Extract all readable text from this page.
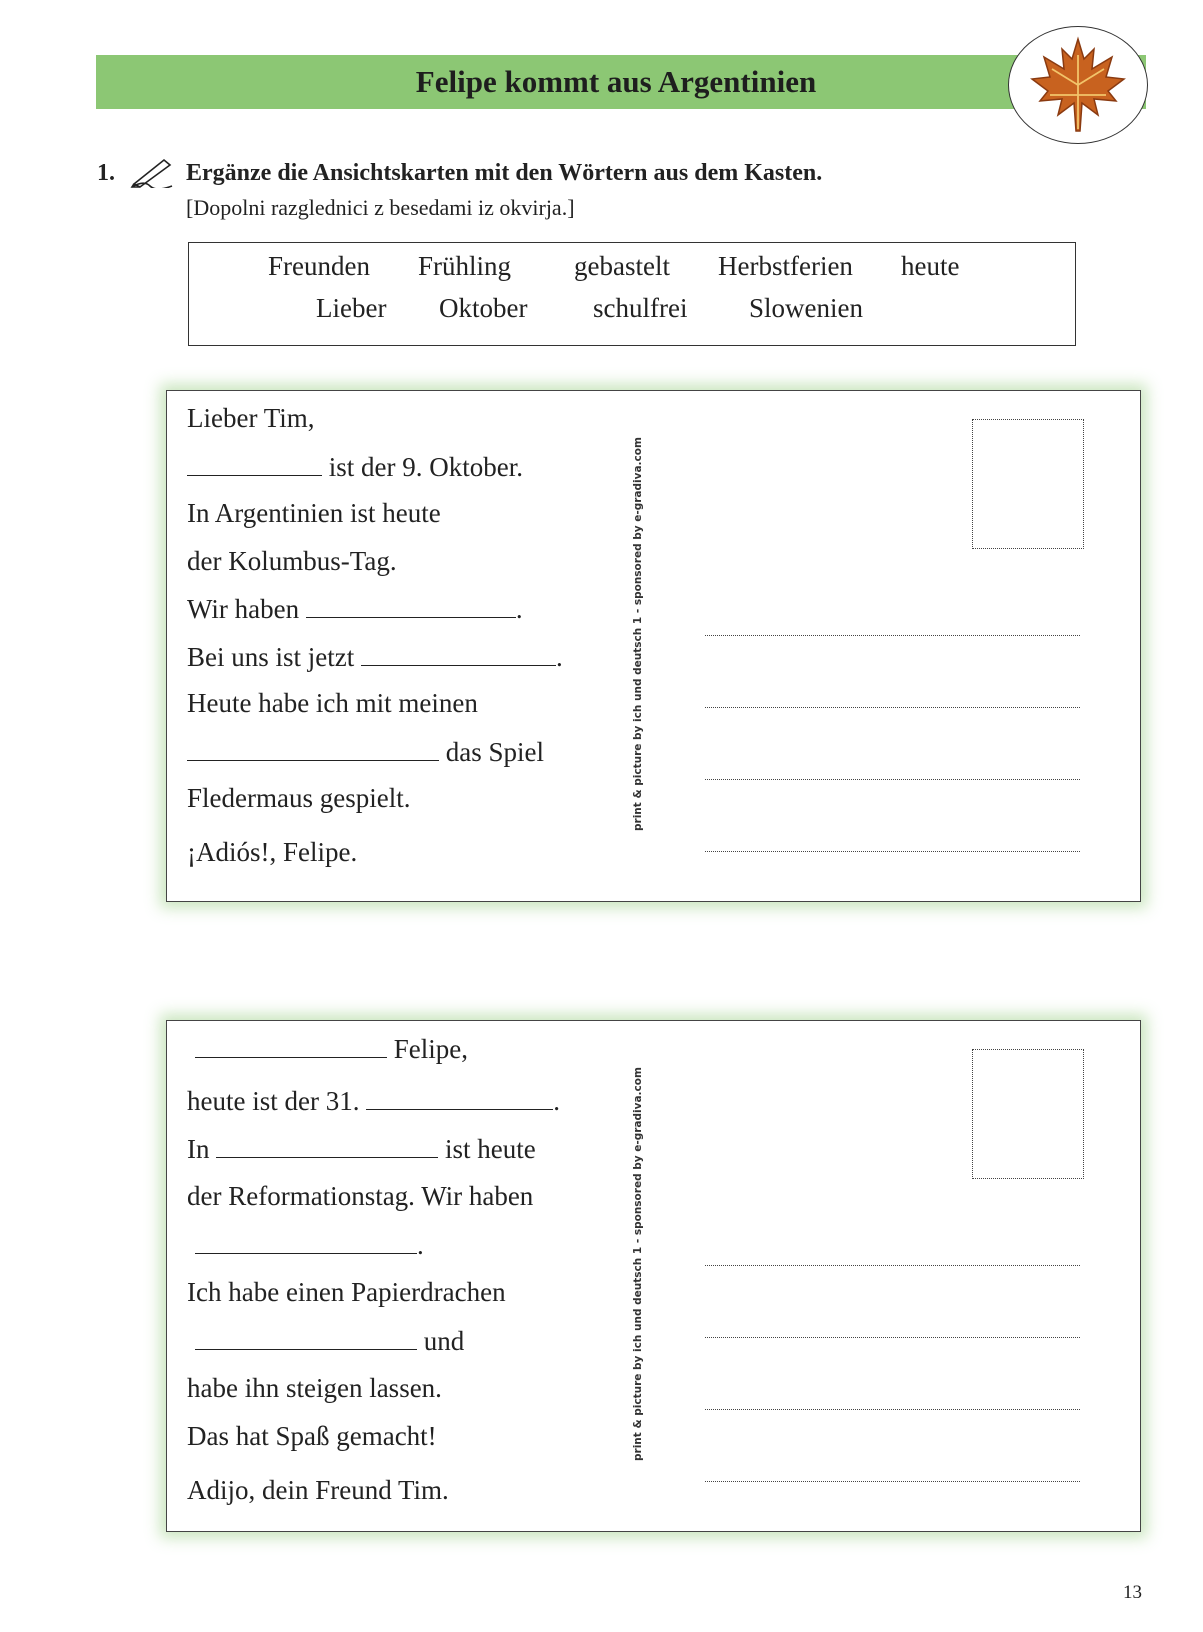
Felipe kommt aus Argentinien
1.	Ergänze die Ansichtskarten mit den Wörtern aus dem Kasten.
[Dopolni razglednici z besedami iz okvirja.]
Freunden Frühling gebastelt Herbstferien heute
Lieber Oktober schulfrei Slowenien
Lieber Tim,
ist der 9. Oktober.
In Argentinien ist heute
der Kolumbus-Tag.
Wir haben	.
Bei uns ist jetzt	.
Heute habe ich mit meinen
das Spiel
Fledermaus gespielt.
¡Adiós!, Felipe.
print & picture by ich und deutsch 1 - sponsored by e-gradiva.com
Felipe,
heute ist der 31.	.
In	ist heute
der Reformationstag. Wir haben
.
Ich habe einen Papierdrachen
und
habe ihn steigen lassen.
Das hat Spaß gemacht!
Adijo, dein Freund Tim.
print & picture by ich und deutsch 1 - sponsored by e-gradiva.com
13
